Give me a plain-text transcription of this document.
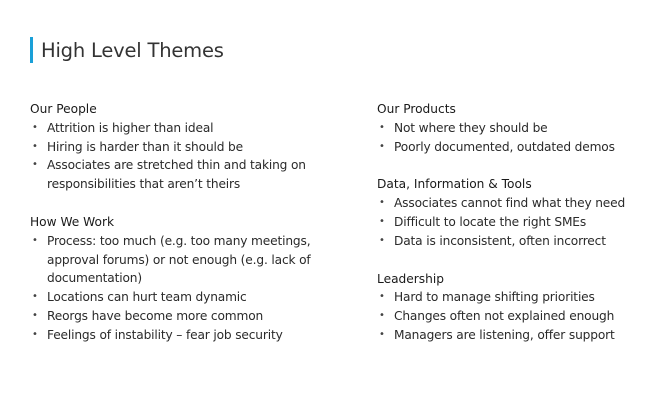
High Level Themes
Our People
• Attrition is higher than ideal
• Hiring is harder than it should be
• Associates are stretched thin and taking on responsibilities that aren’t theirs
How We Work
• Process: too much (e.g. too many meetings, approval forums) or not enough (e.g. lack of documentation)
• Locations can hurt team dynamic
• Reorgs have become more common
• Feelings of instability – fear job security
Our Products
• Not where they should be
• Poorly documented, outdated demos
Data, Information & Tools
• Associates cannot find what they need
• Difficult to locate the right SMEs
• Data is inconsistent, often incorrect
Leadership
• Hard to manage shifting priorities
• Changes often not explained enough
• Managers are listening, offer support
